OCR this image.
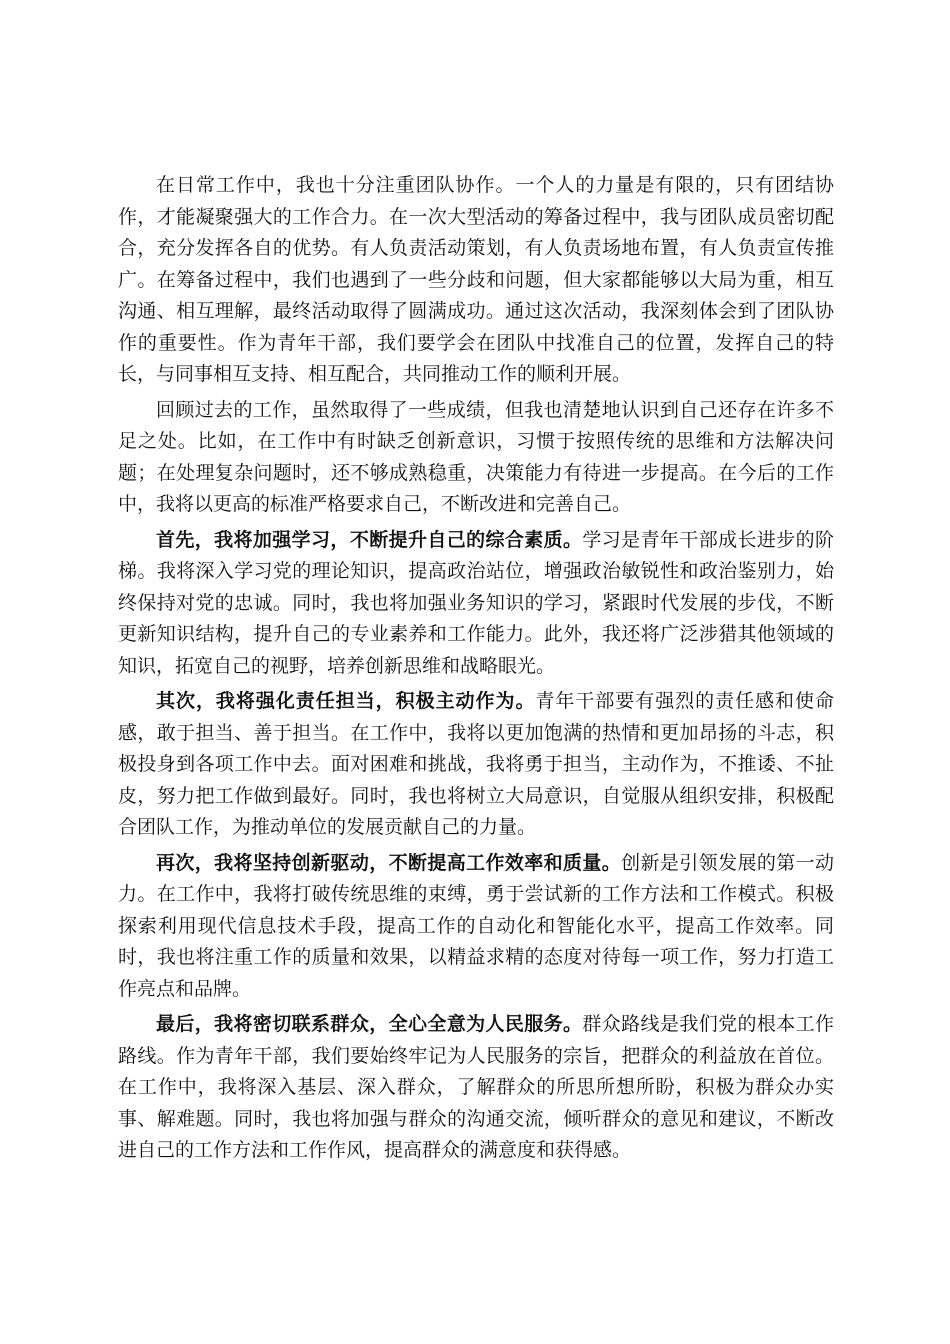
在日常工作中，我也十分注重团队协作。一个人的力量是有限的，只有团结协作，才能凝聚强大的工作合力。在一次大型活动的筹备过程中，我与团队成员密切配合，充分发挥各自的优势。有人负责活动策划，有人负责场地布置，有人负责宣传推广。在筹备过程中，我们也遇到了一些分歧和问题，但大家都能够以大局为重，相互沟通、相互理解，最终活动取得了圆满成功。通过这次活动，我深刻体会到了团队协作的重要性。作为青年干部，我们要学会在团队中找准自己的位置，发挥自己的特长，与同事相互支持、相互配合，共同推动工作的顺利开展。

回顾过去的工作，虽然取得了一些成绩，但我也清楚地认识到自己还存在许多不足之处。比如，在工作中有时缺乏创新意识，习惯于按照传统的思维和方法解决问题；在处理复杂问题时，还不够成熟稳重，决策能力有待进一步提高。在今后的工作中，我将以更高的标准严格要求自己，不断改进和完善自己。

首先，我将加强学习，不断提升自己的综合素质。学习是青年干部成长进步的阶梯。我将深入学习党的理论知识，提高政治站位，增强政治敏锐性和政治鉴别力，始终保持对党的忠诚。同时，我也将加强业务知识的学习，紧跟时代发展的步伐，不断更新知识结构，提升自己的专业素养和工作能力。此外，我还将广泛涉猎其他领域的知识，拓宽自己的视野，培养创新思维和战略眼光。

其次，我将强化责任担当，积极主动作为。青年干部要有强烈的责任感和使命感，敢于担当、善于担当。在工作中，我将以更加饱满的热情和更加昂扬的斗志，积极投身到各项工作中去。面对困难和挑战，我将勇于担当，主动作为，不推诿、不扯皮，努力把工作做到最好。同时，我也将树立大局意识，自觉服从组织安排，积极配合团队工作，为推动单位的发展贡献自己的力量。

再次，我将坚持创新驱动，不断提高工作效率和质量。创新是引领发展的第一动力。在工作中，我将打破传统思维的束缚，勇于尝试新的工作方法和工作模式。积极探索利用现代信息技术手段，提高工作的自动化和智能化水平，提高工作效率。同时，我也将注重工作的质量和效果，以精益求精的态度对待每一项工作，努力打造工作亮点和品牌。

最后，我将密切联系群众，全心全意为人民服务。群众路线是我们党的根本工作路线。作为青年干部，我们要始终牢记为人民服务的宗旨，把群众的利益放在首位。在工作中，我将深入基层、深入群众，了解群众的所思所想所盼，积极为群众办实事、解难题。同时，我也将加强与群众的沟通交流，倾听群众的意见和建议，不断改进自己的工作方法和工作作风，提高群众的满意度和获得感。
